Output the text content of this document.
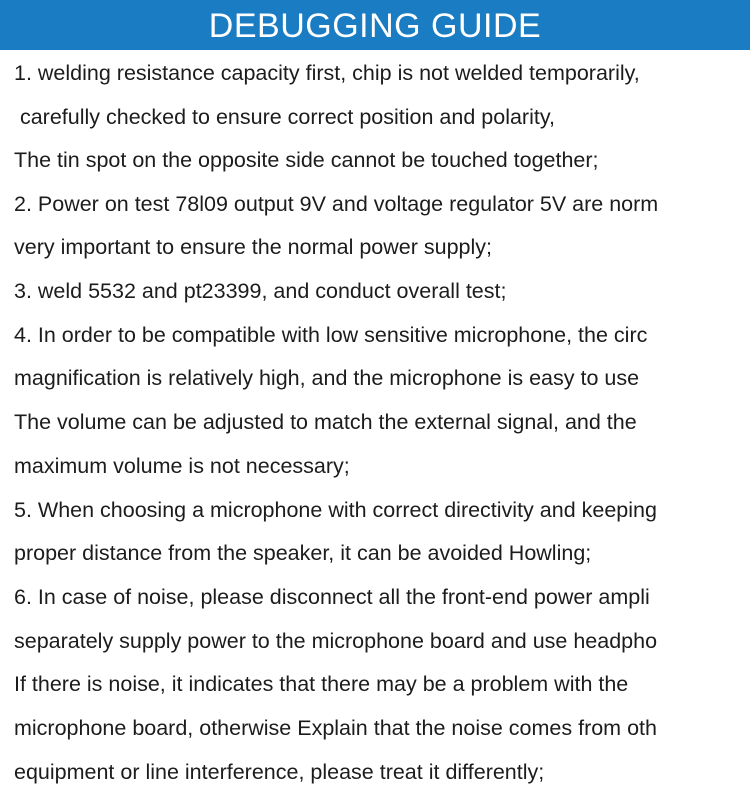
DEBUGGING GUIDE
1. welding resistance capacity first, chip is not welded temporarily,
carefully checked to ensure correct position and polarity,
The tin spot on the opposite side cannot be touched together;
2. Power on test 78l09 output 9V and voltage regulator 5V are norm
very important to ensure the normal power supply;
3. weld 5532 and pt23399, and conduct overall test;
4. In order to be compatible with low sensitive microphone, the circ
magnification is relatively high, and the microphone is easy to use
The volume can be adjusted to match the external signal, and the
maximum volume is not necessary;
5. When choosing a microphone with correct directivity and keeping
proper distance from the speaker, it can be avoided Howling;
6. In case of noise, please disconnect all the front-end power ampli
separately supply power to the microphone board and use headpho
If there is noise, it indicates that there may be a problem with the
microphone board, otherwise Explain that the noise comes from oth
equipment or line interference, please treat it differently;
